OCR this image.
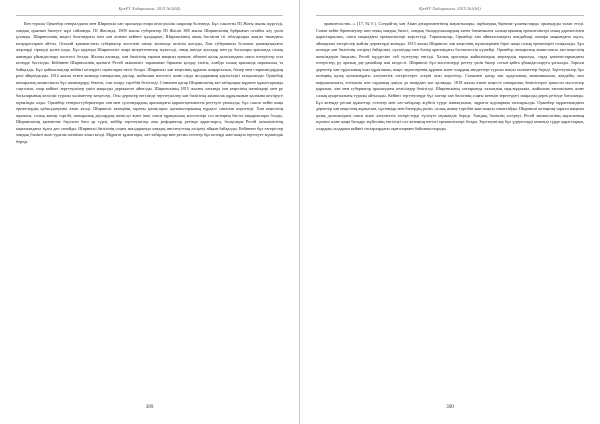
ҚазҰУ Хабаршысы. 2015 №3(64)

Кен туралы Орынбор генералдығы мен Ширинcкі хан арасында өзара келісушілік шаралар болғанда. Бұл саясатты ПІ Жоғы жылы жүргізді, хандық орынын билеуге жұп сайланды. ПІ Жасанда, 1809 жылы губернатор ПІ Жасан 388 жылы Ширинcкінің бұйрығын оттайға алу үшін ұсынды. Ширинcкінің кеңесі болғандығы мен хан атағын кейінге қалдырып, Ширинcкінің оның бастаған ізі ізбасарлары жақты тиындағы көзқарастарын айтты. Осылай қатынастағы губернатор мәселені шешу жолында келісім жасады, Хан губерниясы болатын қашықтықтағы жерлерді тіркеуді қолға алды. Бұл қадамда Ширинcкіге жаңа міндеттемелер жүктелді, оның ішінде ауылдар мен ру басылары арасында салық жинауды ұйымдастыру мәселесі болды. Жалпы алғанда, хан билігінің тарихи маңызы ерекше, өйткені қазақ даласындағы саяси өзгерістер осы кезеңде басталды. Кейіннен Ширинcкінің қызметі Ресей әкімшілігі тарапынан біршама қолдау тапты, алайда халық арасында наразылық та байқалды. Бұл қайшылықтар кейінгі кезеңдегі оқиғаларға негіз болды. Ширинcкі хан кеңесінің құрамы жаңартылып, билер мен старшындардың рөлі айқындалды. 1812 жылы өткен жиында шекаралық даулар, жайылым мәселесі және сауда жолдарының қауіпсіздігі талқыланды. Орынбор шекаралық комиссиясы бұл шешімдерді бекітіп, іске асыру тәртібін белгіледі. Сонымен қатар Ширинcкінің хат-хабарлары мұрағат құжаттарында сақталып, олар кейінгі зерттеушілер үшін маңызды дереккөзге айналды. Ширинcкінің 1815 жылғы хатында хан кеңесінің шешімдері мен ру басыларының келісімі туралы мәліметтер кездеседі. Осы деректер негізінде зерттеушілер хан билігінің әкімшілік құрылымын қалпына келтіруге мүмкіндік алды. Орынбор генерал-губернаторы хан мен сұлтандардың арасындағы қарым-қатынасты реттеуге ұмтылды, бұл саясат кейін жаңа ережелердің қабылдануына алып келді. Ширинcкі кезеңінің тарихы қазақ-орыс қатынастарының күрделі сипатын көрсетеді. Хан кеңесінің жұмысы, салық жинау тәртібі, шекаралық даулардың шешілуі және ішкі саяси тұрақтылық мәселелері сол кезеңнің басты тақырыптары болды. Ширинcкінің қызметіне берілген баға әр түрлі, кейбір зерттеушілер оны реформатор ретінде қарастырса, басқалары Ресей әкімшілігінің ықпалындағы тұлға деп санайды. Ширинcкі билігінің соңғы жылдарында хандық институттың әлсіреуі айқын байқалды. Кейіннен бұл өзгерістер хандық билікті жою туралы шешімге алып келді. Мұрағат құжаттары, хат-хабарлар мен ресми есептер бұл кезеңді жан-жақты зерттеуге мүмкіндік береді.

389
ҚазҰУ Хабаршысы. 2015 №3(64)

правительство...» [17, 92 б.]. Сондай-ақ хан Аман департаментінің жауаптылары, шұбындық бірнеше ұсыныстарды орындауды талап етеді. Сонан кейін бірнешеулер мен оның хандық билігі, хандық басқарушылардың ханға бағынышты халықтарының ерекшеліктері оның дәрежесімен қарастырылып, саяси маңыздағы ерекшеліктері көрсетілді. Тарихшылар, Орынбор хан айналасындағы жағдайлар, шекара маңындағы ахуал, аймақтағы өзгерістер жайлы деректерді жинады. 1815 жылы Ширинcкі хан кеңесінің мүшелерімен бірге жаңа салық ережелерін талқылады. Бұл кезеңде хан билігінің әлсіреуі байқалып, сұлтандар мен билер арасындағы бәсекелестік күшейді. Орынбор шекаралық комиссиясы хан кеңесінің шешімдерін бақылап, Ресей мүддесіне сай түзетулер енгізді. Халық арасында жайылымдық жерлердің тарылуы, сауда қатынастарындағы өзгерістер, ру аралық дау-дамайлар жиі кездесті. Ширинcкі бұл мәселелерді реттеу үшін билер сотын қайта ұйымдастыруға ұмтылды. Тарихи деректер хан ордасының ішкі құрылымы, кеңес мүшелерінің құрамы және олардың міндеттері туралы нақты мәліметтер береді. Зерттеушілер бұл кезеңнің қазақ қоғамындағы әлеуметтік өзгерістерге әсерін атап көрсетеді. Сонымен қатар хан ордасының экономикалық жағдайы, мал шаруашылығы, егіншілік пен сауданың дамуы да назардан тыс қалмады. 1818 жылы өткен кеңесте шекаралық бекіністерге қатысты мәселелер қаралып, хан мен губернатор арасындағы келісімдер бекітілді. Ширинcкінің хаттарында халықтың мұң-мұқтажы, жайылым тапшылығы және салық ауыртпалығы туралы айтылады. Кейінгі зерттеулерде бұл хаттар хан билігінің соңғы кезеңін зерттеудегі маңызды дерек ретінде бағаланды. Бұл кезеңде ресми құжаттар, есептер мен хат-хабарлар жүйелі түрде жинақталып, мұрағат қорларына тапсырылды. Орынбор мұрағатындағы деректер хан кеңесінің жұмысын, сұлтандар мен билердің рөлін, салық жинау тәртібін жан-жақты сипаттайды. Ширинcкі кезеңінің тарихи маңызы қазақ даласындағы саяси және әлеуметтік өзгерістерді түсінуге мүмкіндік береді. Хандық биліктің әлсіреуі, Ресей әкімшілігінің ықпалының күшеюі және жаңа басқару жүйесінің енгізілуі сол кезеңнің негізгі ерекшеліктері болды. Зерттеушілер бұл үдерістерді кешенді түрде қарастырып, олардың салдарын кейінгі ғасырлардағы оқиғалармен байланыстырады.

390
